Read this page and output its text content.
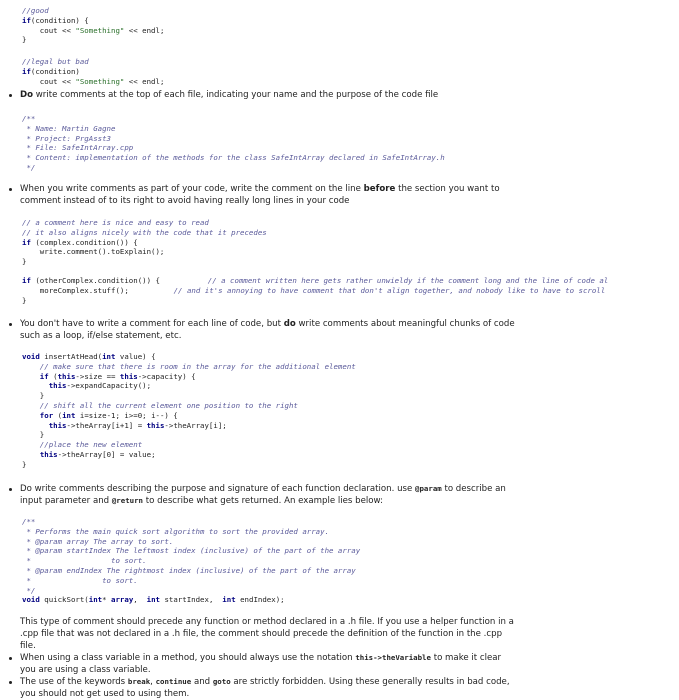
//good
if(condition) {
cout << "Something" << endl;
}
//legal but bad
if(condition)
cout << "Something" << endl;
Do write comments at the top of each file, indicating your name and the purpose of the code file
/**
* Name: Martin Gagne
* Project: PrgAsst3
* File: SafeIntArray.cpp
* Content: implementation of the methods for the class SafeIntArray declared in SafeIntArray.h
*/
When you write comments as part of your code, write the comment on the line before the section you want to
comment instead of to its right to avoid having really long lines in your code
// a comment here is nice and easy to read
// it also aligns nicely with the code that it precedes
if (complex.condition()) {
write.comment().toExplain();
}

if (otherComplex.condition()) {	// a comment written here gets rather unwieldy if the comment long and the line of code al
moreComplex.stuff(); // and it's annoying to have comment that don't align together, and nobody like to have to scroll
}
You don't have to write a comment for each line of code, but do write comments about meaningful chunks of code
such as a loop, if/else statement, etc.
void insertAtHead(int value) {
// make sure that there is room in the array for the additional element
if (this->size == this->capacity) {
this->expandCapacity();
}
// shift all the current element one position to the right
for (int i=size-1; i>=0; i--) {
this->theArray[i+1] = this->theArray[i];
}
//place the new element
this->theArray[0] = value;
}
Do write comments describing the purpose and signature of each function declaration. use @param to describe an
input parameter and @return to describe what gets returned. An example lies below:
/**
* Performs the main quick sort algorithm to sort the provided array.
* @param array The array to sort.
* @param startIndex The leftmost index (inclusive) of the part of the array
*                  to sort.
* @param endIndex The rightmost index (inclusive) of the part of the array
*                to sort.
*/
void quickSort(int* array,  int startIndex,  int endIndex);
This type of comment should precede any function or method declared in a .h file. If you use a helper function in a
.cpp file that was not declared in a .h file, the comment should precede the definition of the function in the .cpp
file.
When using a class variable in a method, you should always use the notation this->theVariable to make it clear
you are using a class variable.
The use of the keywords break, continue and goto are strictly forbidden. Using these generally results in bad code,
you should not get used to using them.
